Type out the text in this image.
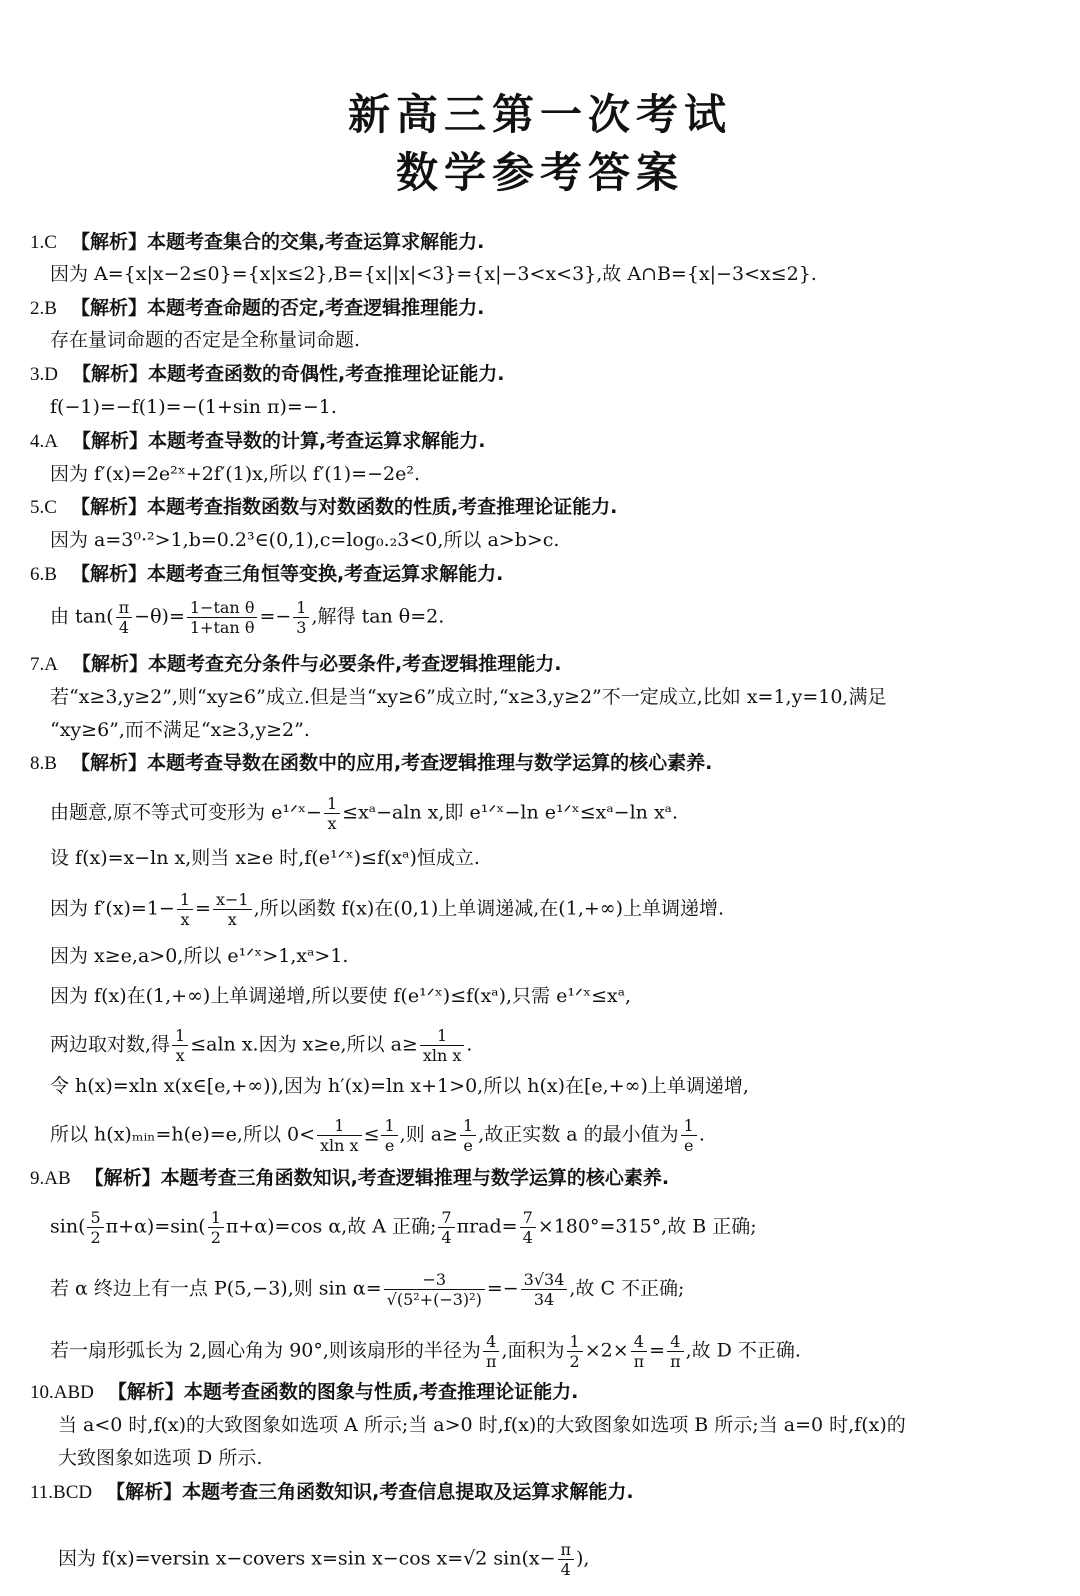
新高三第一次考试
数学参考答案
1.C 【解析】本题考查集合的交集,考查运算求解能力.
因为 A={x|x−2≤0}={x|x≤2},B={x||x|<3}={x|−3<x<3},故 A∩B={x|−3<x≤2}.
2.B 【解析】本题考查命题的否定,考查逻辑推理能力.
存在量词命题的否定是全称量词命题.
3.D 【解析】本题考查函数的奇偶性,考查推理论证能力.
f(−1)=−f(1)=−(1+sin π)=−1.
4.A 【解析】本题考查导数的计算,考查运算求解能力.
因为 f′(x)=2e²ˣ+2f′(1)x,所以 f′(1)=−2e².
5.C 【解析】本题考查指数函数与对数函数的性质,考查推理论证能力.
因为 a=3⁰·²>1,b=0.2³∈(0,1),c=log₀.₂3<0,所以 a>b>c.
6.B 【解析】本题考查三角恒等变换,考查运算求解能力.
由 $\tan( \frac{\pi}{4} -\theta)= \frac{\text{1−tan θ}}{\text{1+tan θ}} =- \frac{1}{3}$ ,解得 tan θ=2.
7.A 【解析】本题考查充分条件与必要条件,考查逻辑推理能力.
若“x≥3,y≥2”,则“xy≥6”成立.但是当“xy≥6”成立时,“x≥3,y≥2”不一定成立,比如 x=1,y=10,满足
“xy≥6”,而不满足“x≥3,y≥2”.
8.B 【解析】本题考查导数在函数中的应用,考查逻辑推理与数学运算的核心素养.
由题意,原不等式可变形为 e¹ᐟˣ− $\frac{1}{x}$ ≤xᵃ−aln x,即 e¹ᐟˣ−ln e¹ᐟˣ≤xᵃ−ln xᵃ.
设 f(x)=x−ln x,则当 x≥e 时,f(e¹ᐟˣ)≤f(xᵃ)恒成立.
因为 $f'(x)=1- \frac{1}{x} = \frac{x-1}{x}$ ,所以函数 f(x)在(0,1)上单调递减,在(1,+∞)上单调递增.
因为 x≥e,a>0,所以 e¹ᐟˣ>1,xᵃ>1.
因为 f(x)在(1,+∞)上单调递增,所以要使 f(e¹ᐟˣ)≤f(xᵃ),只需 e¹ᐟˣ≤xᵃ,
两边取对数,得 $\frac{1}{x} \le aln$ x.因为 x≥e,所以 $a\ge \frac{1}{\text{xln x}}$ .
令 h(x)=xln x(x∈[e,+∞)),因为 h′(x)=ln x+1>0,所以 h(x)在[e,+∞)上单调递增,
所以 h(x)ₘᵢₙ=h(e)=e,所以 $0< \frac{1}{\text{xln x}} \le \frac{1}{e}$ ,则 $a\ge \frac{1}{e}$ ,故正实数 a 的最小值为 $\frac{1}{e}$ .
9.AB 【解析】本题考查三角函数知识,考查逻辑推理与数学运算的核心素养.
$\sin( \frac{5}{2} \pi+\alpha)=\sin( \frac{1}{2} \pi+\alpha)=\cos$ α,故 A 正确; $\frac{7}{4} \pi rad= \frac{7}{4} \times 180^\circ=315^\circ$,故 B 正确;
若 α 终边上有一点 P(5,−3),则 $\sin \alpha= \frac{-3}{\text{√(5²+(−3)²)}} =- \frac{3√34}{34}$ ,故 C 不正确;
若一扇形弧长为 2,圆心角为 90°,则该扇形的半径为 $\frac{4}{\pi}$ ,面积为 $\frac{1}{2} \times 2\times \frac{4}{\pi} = \frac{4}{\pi}$ ,故 D 不正确.
10.ABD 【解析】本题考查函数的图象与性质,考查推理论证能力.
当 a<0 时,f(x)的大致图象如选项 A 所示;当 a>0 时,f(x)的大致图象如选项 B 所示;当 a=0 时,f(x)的
大致图象如选项 D 所示.
11.BCD 【解析】本题考查三角函数知识,考查信息提取及运算求解能力.
因为 f(x)=versin x−covers x=sin x−cos x=√2 $\sin(x- \frac{\pi}{4}$ ),
